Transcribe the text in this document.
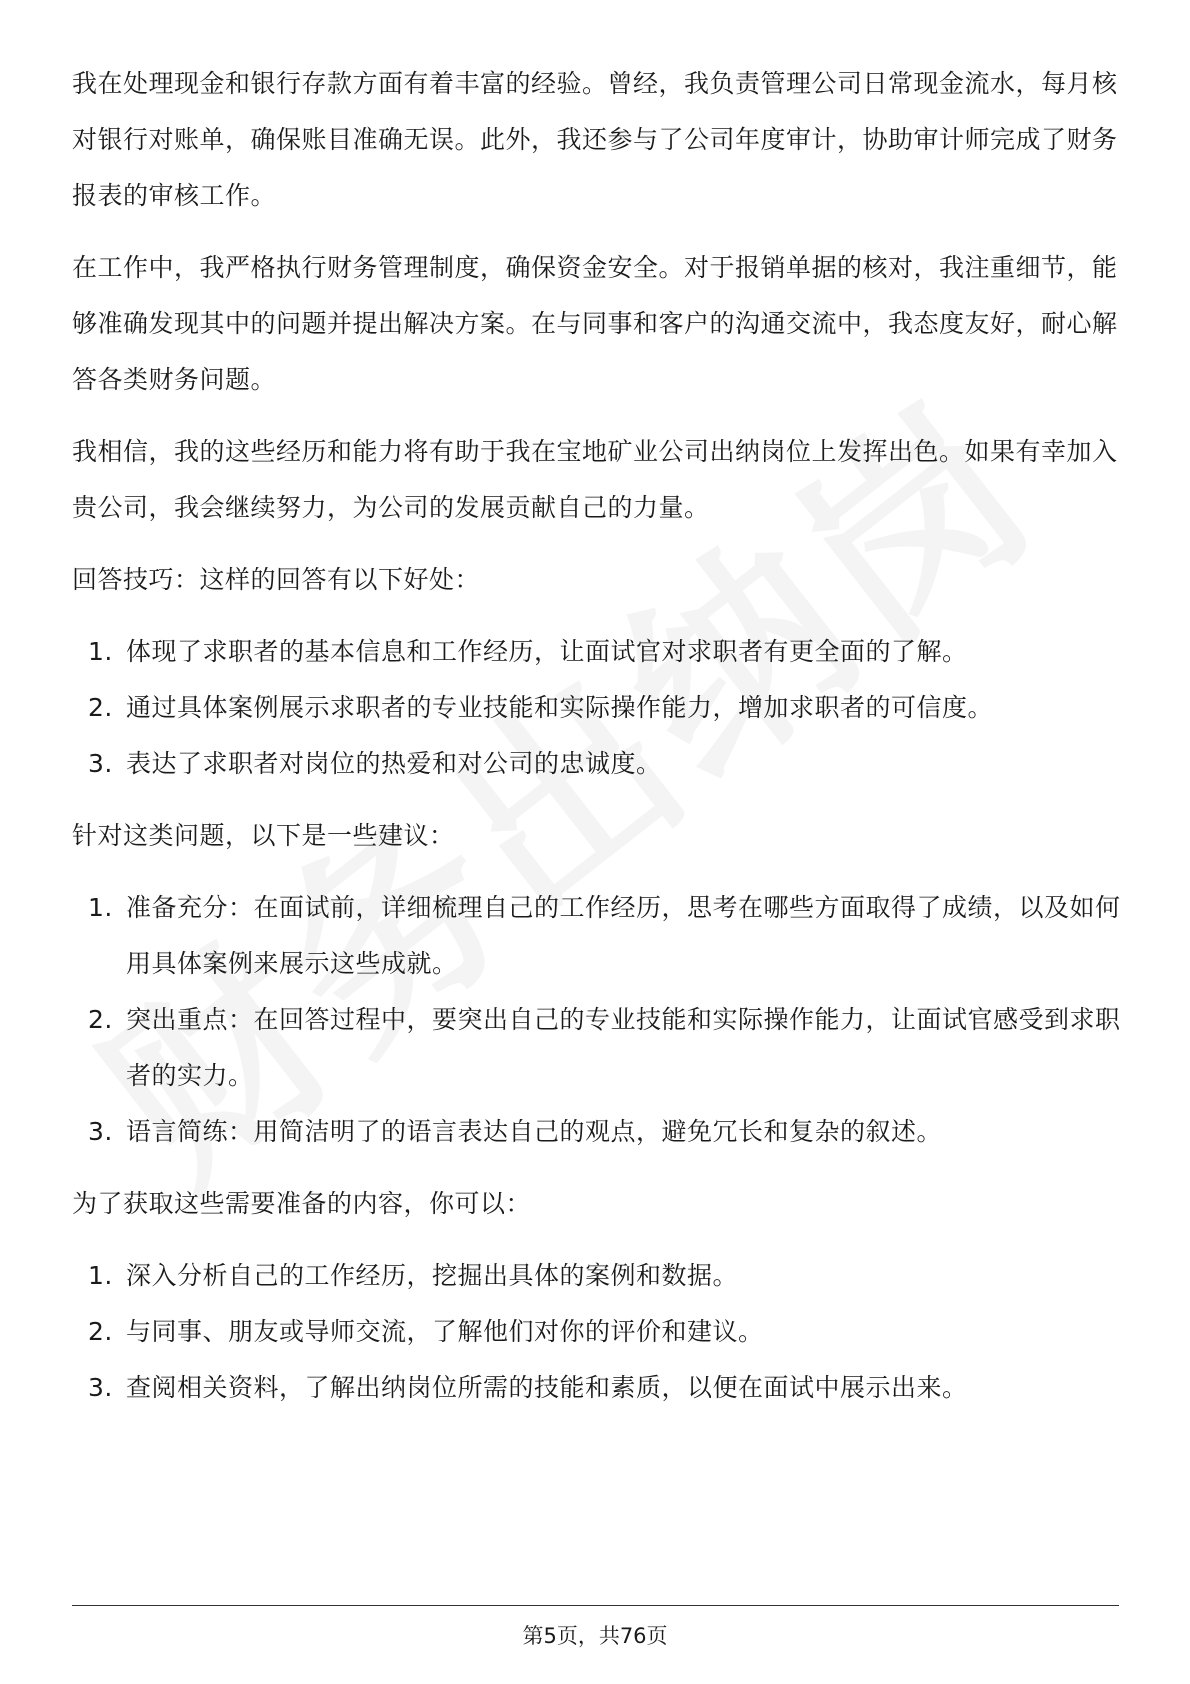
我在处理现金和银行存款方面有着丰富的经验。曾经，我负责管理公司日常现金流水，每月核对银行对账单，确保账目准确无误。此外，我还参与了公司年度审计，协助审计师完成了财务报表的审核工作。

在工作中，我严格执行财务管理制度，确保资金安全。对于报销单据的核对，我注重细节，能够准确发现其中的问题并提出解决方案。在与同事和客户的沟通交流中，我态度友好，耐心解答各类财务问题。

我相信，我的这些经历和能力将有助于我在宝地矿业公司出纳岗位上发挥出色。如果有幸加入贵公司，我会继续努力，为公司的发展贡献自己的力量。

回答技巧：这样的回答有以下好处：

1. 体现了求职者的基本信息和工作经历，让面试官对求职者有更全面的了解。
2. 通过具体案例展示求职者的专业技能和实际操作能力，增加求职者的可信度。
3. 表达了求职者对岗位的热爱和对公司的忠诚度。

针对这类问题，以下是一些建议：

1. 准备充分：在面试前，详细梳理自己的工作经历，思考在哪些方面取得了成绩，以及如何用具体案例来展示这些成就。
2. 突出重点：在回答过程中，要突出自己的专业技能和实际操作能力，让面试官感受到求职者的实力。
3. 语言简练：用简洁明了的语言表达自己的观点，避免冗长和复杂的叙述。

为了获取这些需要准备的内容，你可以：

1. 深入分析自己的工作经历，挖掘出具体的案例和数据。
2. 与同事、朋友或导师交流，了解他们对你的评价和建议。
3. 查阅相关资料，了解出纳岗位所需的技能和素质，以便在面试中展示出来。
第5页，共76页
